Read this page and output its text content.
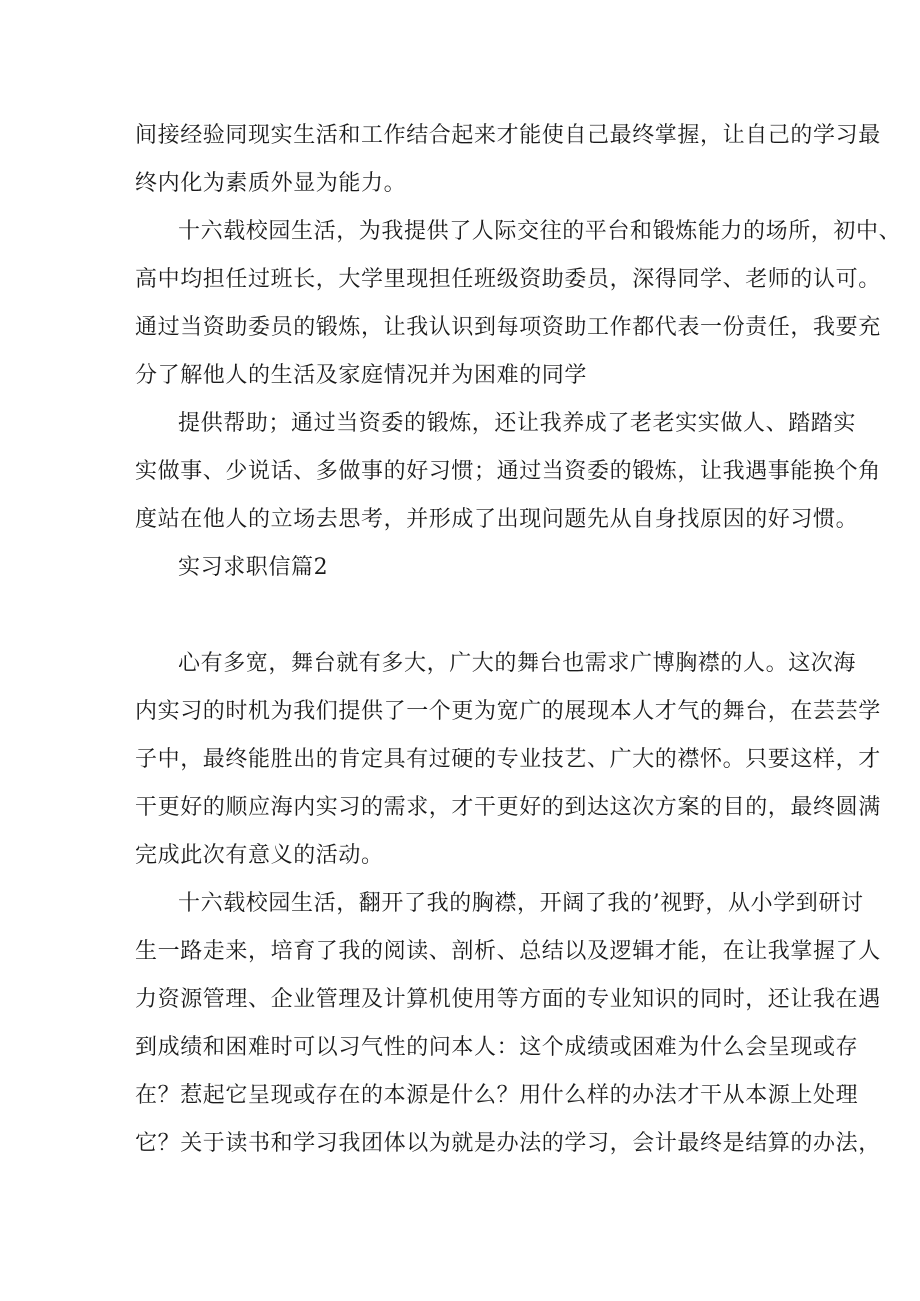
间接经验同现实生活和工作结合起来才能使自己最终掌握，让自己的学习最
终内化为素质外显为能力。
十六载校园生活，为我提供了人际交往的平台和锻炼能力的场所，初中、
高中均担任过班长，大学里现担任班级资助委员，深得同学、老师的认可。
通过当资助委员的锻炼，让我认识到每项资助工作都代表一份责任，我要充
分了解他人的生活及家庭情况并为困难的同学
提供帮助；通过当资委的锻炼，还让我养成了老老实实做人、踏踏实
实做事、少说话、多做事的好习惯；通过当资委的锻炼，让我遇事能换个角
度站在他人的立场去思考，并形成了出现问题先从自身找原因的好习惯。
实习求职信篇2
心有多宽，舞台就有多大，广大的舞台也需求广博胸襟的人。这次海
内实习的时机为我们提供了一个更为宽广的展现本人才气的舞台，在芸芸学
子中，最终能胜出的肯定具有过硬的专业技艺、广大的襟怀。只要这样，才
干更好的顺应海内实习的需求，才干更好的到达这次方案的目的，最终圆满
完成此次有意义的活动。
十六载校园生活，翻开了我的胸襟，开阔了我的’视野，从小学到研讨
生一路走来，培育了我的阅读、剖析、总结以及逻辑才能，在让我掌握了人
力资源管理、企业管理及计算机使用等方面的专业知识的同时，还让我在遇
到成绩和困难时可以习气性的问本人：这个成绩或困难为什么会呈现或存
在？惹起它呈现或存在的本源是什么？用什么样的办法才干从本源上处理
它？关于读书和学习我团体以为就是办法的学习，会计最终是结算的办法，
